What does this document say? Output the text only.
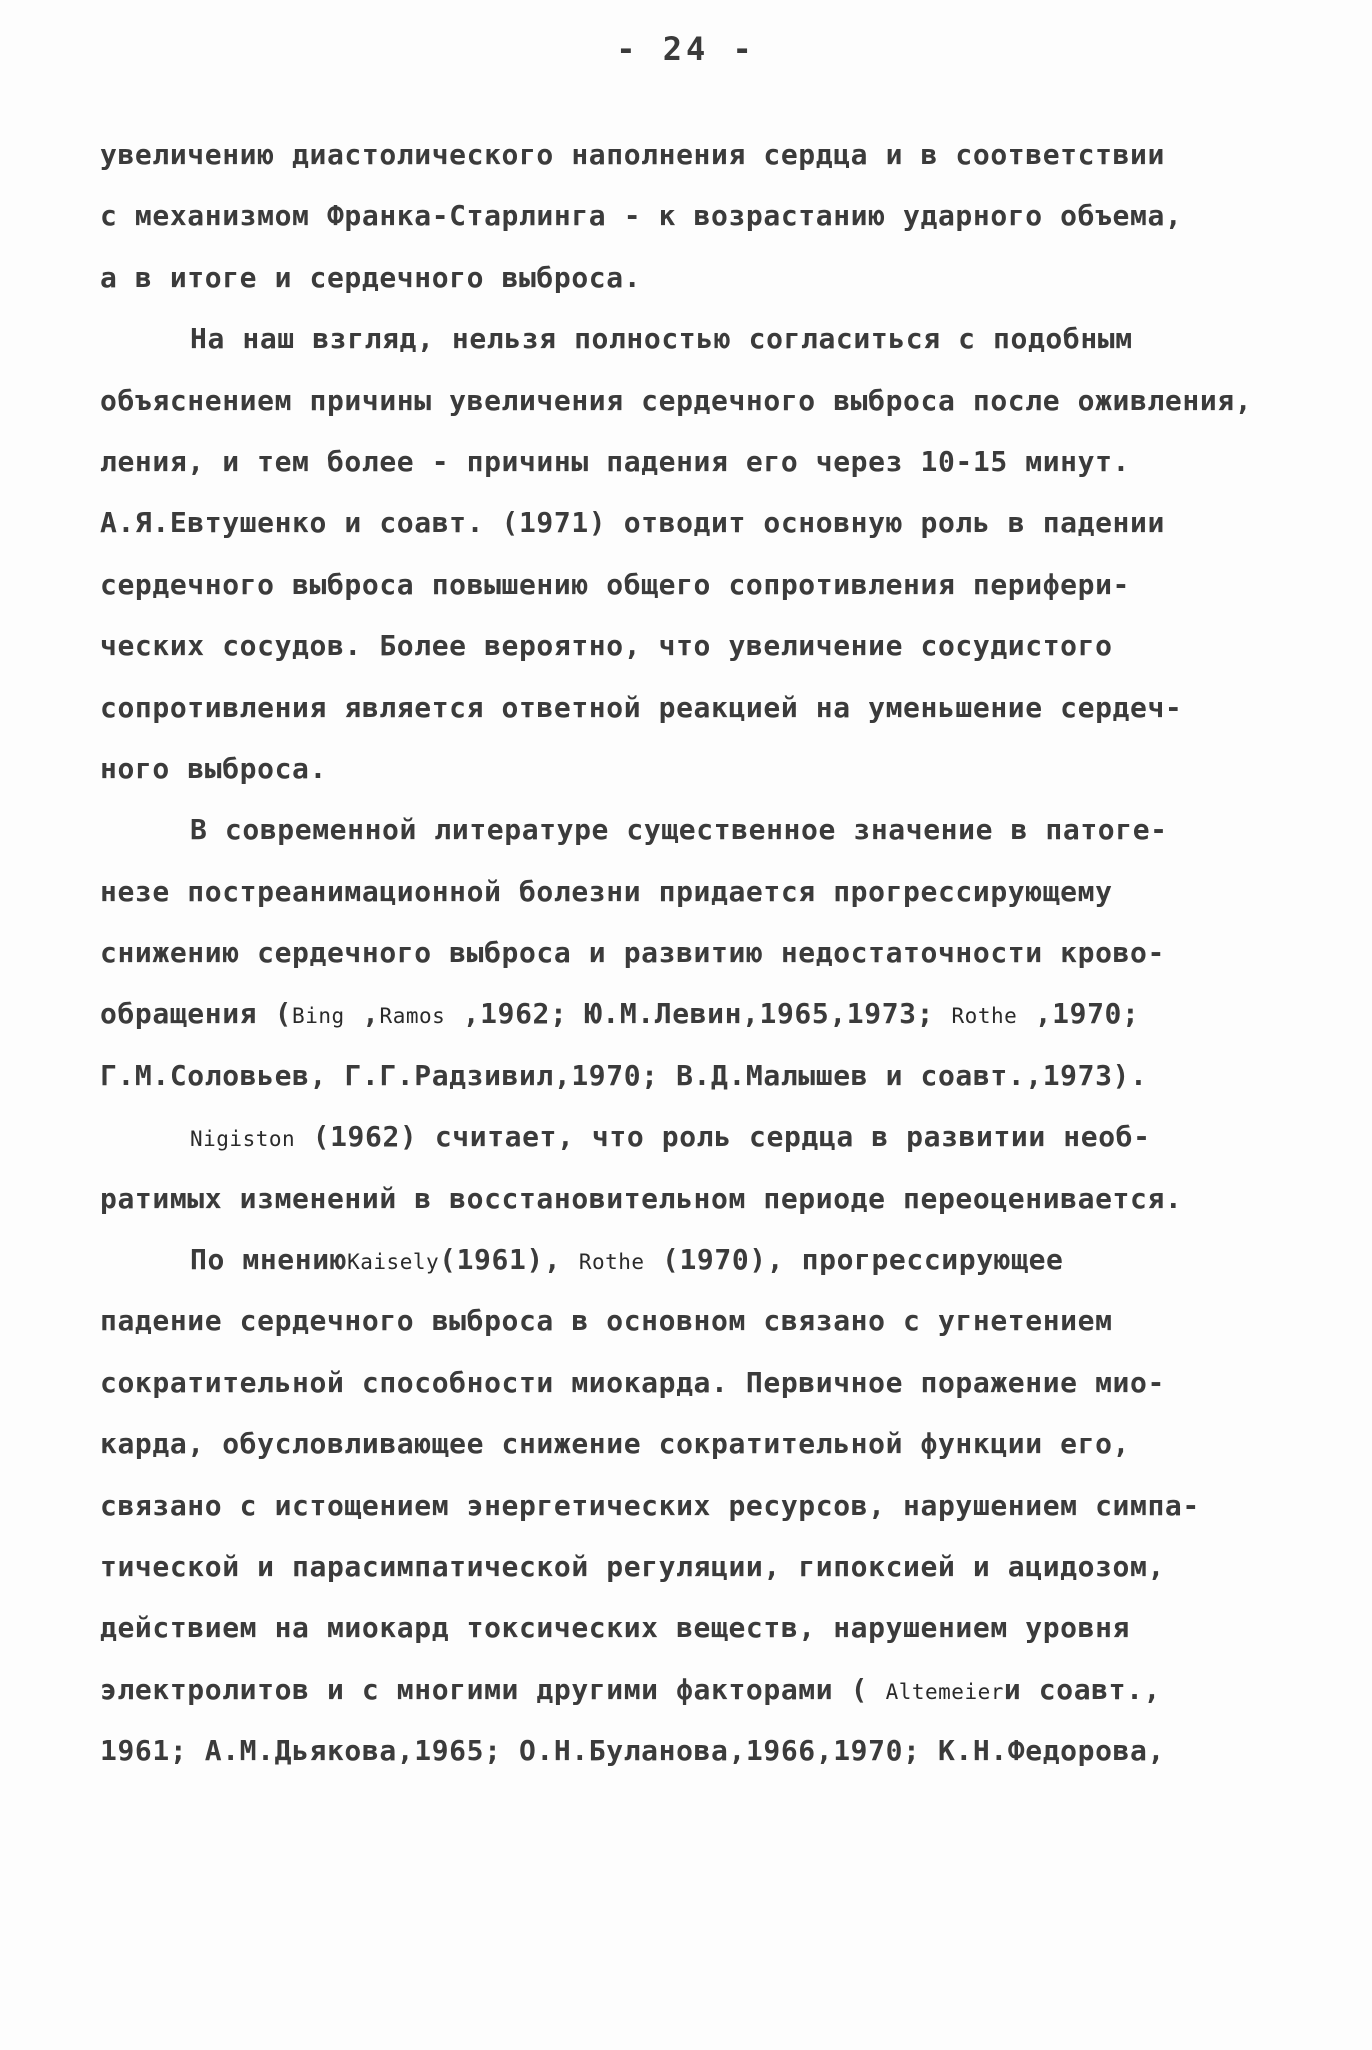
- 24 -
увеличению диастолического наполнения сердца и в соответствии
с механизмом Франка-Старлинга - к возрастанию ударного объема,
а в итоге и сердечного выброса.
На наш взгляд, нельзя полностью согласиться с подобным
объяснением причины увеличения сердечного выброса после оживления,
ления, и тем более - причины падения его через 10-15 минут.
А.Я.Евтушенко и соавт. (1971) отводит основную роль в падении
сердечного выброса повышению общего сопротивления перифери-
ческих сосудов. Более вероятно, что увеличение сосудистого
сопротивления является ответной реакцией на уменьшение сердеч-
ного выброса.
В современной литературе существенное значение в патоге-
незе постреанимационной болезни придается прогрессирующему
снижению сердечного выброса и развитию недостаточности крово-
обращения (Bing ,Ramos ,1962; Ю.М.Левин,1965,1973; Rothe ,1970;
Г.М.Соловьев, Г.Г.Радзивил,1970; В.Д.Малышев и соавт.,1973).
Nigiston (1962) считает, что роль сердца в развитии необ-
ратимых изменений в восстановительном периоде переоценивается.
По мнениюKaisely(1961), Rothe (1970), прогрессирующее
падение сердечного выброса в основном связано с угнетением
сократительной способности миокарда. Первичное поражение мио-
карда, обусловливающее снижение сократительной функции его,
связано с истощением энергетических ресурсов, нарушением симпа-
тической и парасимпатической регуляции, гипоксией и ацидозом,
действием на миокард токсических веществ, нарушением уровня
электролитов и с многими другими факторами ( Altemeierи соавт.,
1961; А.М.Дьякова,1965; О.Н.Буланова,1966,1970; К.Н.Федорова,
